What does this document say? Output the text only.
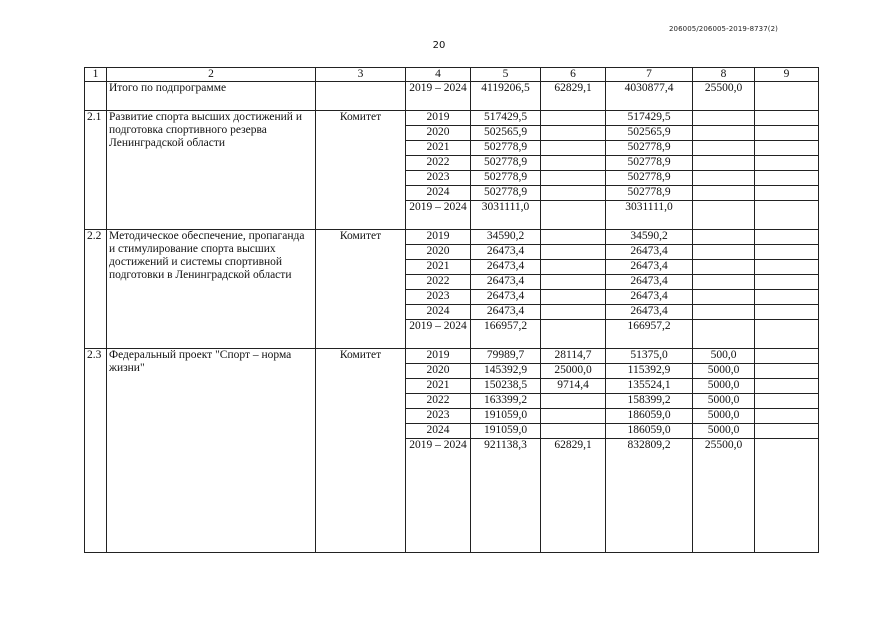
206005/206005-2019-8737(2)
20
1	2	3	4	5	6	7	8	9
	Итого по подпрограмме		2019 – 2024	4119206,5	62829,1	4030877,4	25500,0	
2.1	Развитие спорта высших достижений и подготовка спортивного резерва Ленинградской области	Комитет	2019	517429,5		517429,5		
			2020	502565,9		502565,9		
			2021	502778,9		502778,9		
			2022	502778,9		502778,9		
			2023	502778,9		502778,9		
			2024	502778,9		502778,9		
			2019 – 2024	3031111,0		3031111,0		
2.2	Методическое обеспечение, пропаганда и стимулирование спорта высших достижений и системы спортивной подготовки в Ленинградской области	Комитет	2019	34590,2		34590,2		
			2020	26473,4		26473,4		
			2021	26473,4		26473,4		
			2022	26473,4		26473,4		
			2023	26473,4		26473,4		
			2024	26473,4		26473,4		
			2019 – 2024	166957,2		166957,2		
2.3	Федеральный проект "Спорт – норма жизни"	Комитет	2019	79989,7	28114,7	51375,0	500,0	
			2020	145392,9	25000,0	115392,9	5000,0	
			2021	150238,5	9714,4	135524,1	5000,0	
			2022	163399,2		158399,2	5000,0	
			2023	191059,0		186059,0	5000,0	
			2024	191059,0		186059,0	5000,0	
			2019 – 2024	921138,3	62829,1	832809,2	25500,0	
